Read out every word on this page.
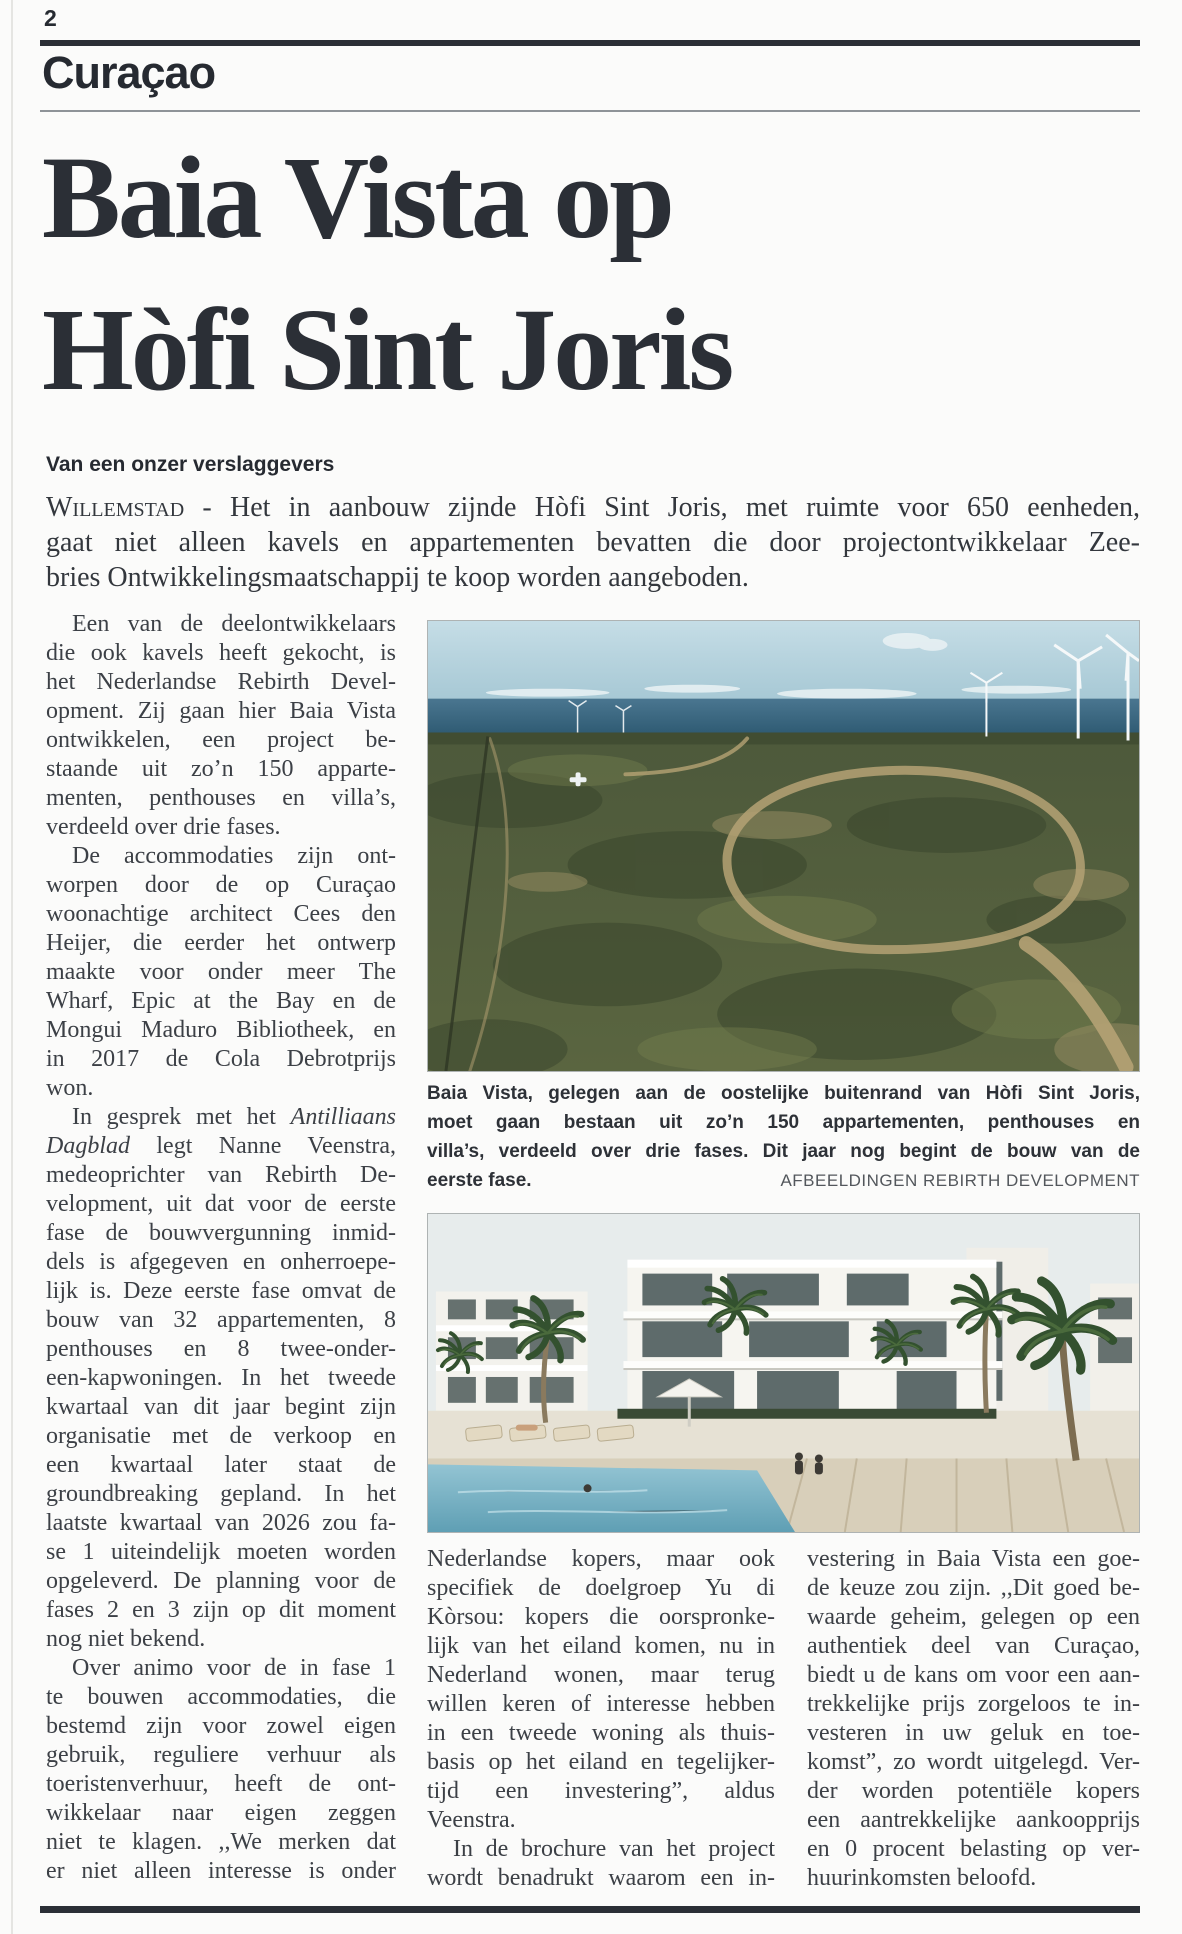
2
Curaçao
Baia Vista op
Hòfi Sint Joris
Van een onzer verslaggevers
Willemstad - Het in aanbouw zijnde Hòfi Sint Joris, met ruimte voor 650 eenheden,
gaat niet alleen kavels en appartementen bevatten die door projectontwikkelaar Zee-
bries Ontwikkelingsmaatschappij te koop worden aangeboden.
Een van de deelontwikkelaars
die ook kavels heeft gekocht, is
het Nederlandse Rebirth Devel-
opment. Zij gaan hier Baia Vista
ontwikkelen, een project be-
staande uit zo’n 150 apparte-
menten, penthouses en villa’s,
verdeeld over drie fases.
De accommodaties zijn ont-
worpen door de op Curaçao
woonachtige architect Cees den
Heijer, die eerder het ontwerp
maakte voor onder meer The
Wharf, Epic at the Bay en de
Mongui Maduro Bibliotheek, en
in 2017 de Cola Debrotprijs
won.
In gesprek met het Antilliaans
Dagblad legt Nanne Veenstra,
medeoprichter van Rebirth De-
velopment, uit dat voor de eerste
fase de bouwvergunning inmid-
dels is afgegeven en onherroepe-
lijk is. Deze eerste fase omvat de
bouw van 32 appartementen, 8
penthouses en 8 twee-onder-
een-kapwoningen. In het tweede
kwartaal van dit jaar begint zijn
organisatie met de verkoop en
een kwartaal later staat de
groundbreaking gepland. In het
laatste kwartaal van 2026 zou fa-
se 1 uiteindelijk moeten worden
opgeleverd. De planning voor de
fases 2 en 3 zijn op dit moment
nog niet bekend.
Over animo voor de in fase 1
te bouwen accommodaties, die
bestemd zijn voor zowel eigen
gebruik, reguliere verhuur als
toeristenverhuur, heeft de ont-
wikkelaar naar eigen zeggen
niet te klagen. ,,We merken dat
er niet alleen interesse is onder
Baia Vista, gelegen aan de oostelijke buitenrand van Hòfi Sint Joris,
moet gaan bestaan uit zo’n 150 appartementen, penthouses en
villa’s, verdeeld over drie fases. Dit jaar nog begint de bouw van de
eerste fase.	AFBEELDINGEN REBIRTH DEVELOPMENT
Nederlandse kopers, maar ook
specifiek de doelgroep Yu di
Kòrsou: kopers die oorspronke-
lijk van het eiland komen, nu in
Nederland wonen, maar terug
willen keren of interesse hebben
in een tweede woning als thuis-
basis op het eiland en tegelijker-
tijd een investering”, aldus
Veenstra.
In de brochure van het project
wordt benadrukt waarom een in-
vestering in Baia Vista een goe-
de keuze zou zijn. ,,Dit goed be-
waarde geheim, gelegen op een
authentiek deel van Curaçao,
biedt u de kans om voor een aan-
trekkelijke prijs zorgeloos te in-
vesteren in uw geluk en toe-
komst”, zo wordt uitgelegd. Ver-
der worden potentiële kopers
een aantrekkelijke aankoopprijs
en 0 procent belasting op ver-
huurinkomsten beloofd.
